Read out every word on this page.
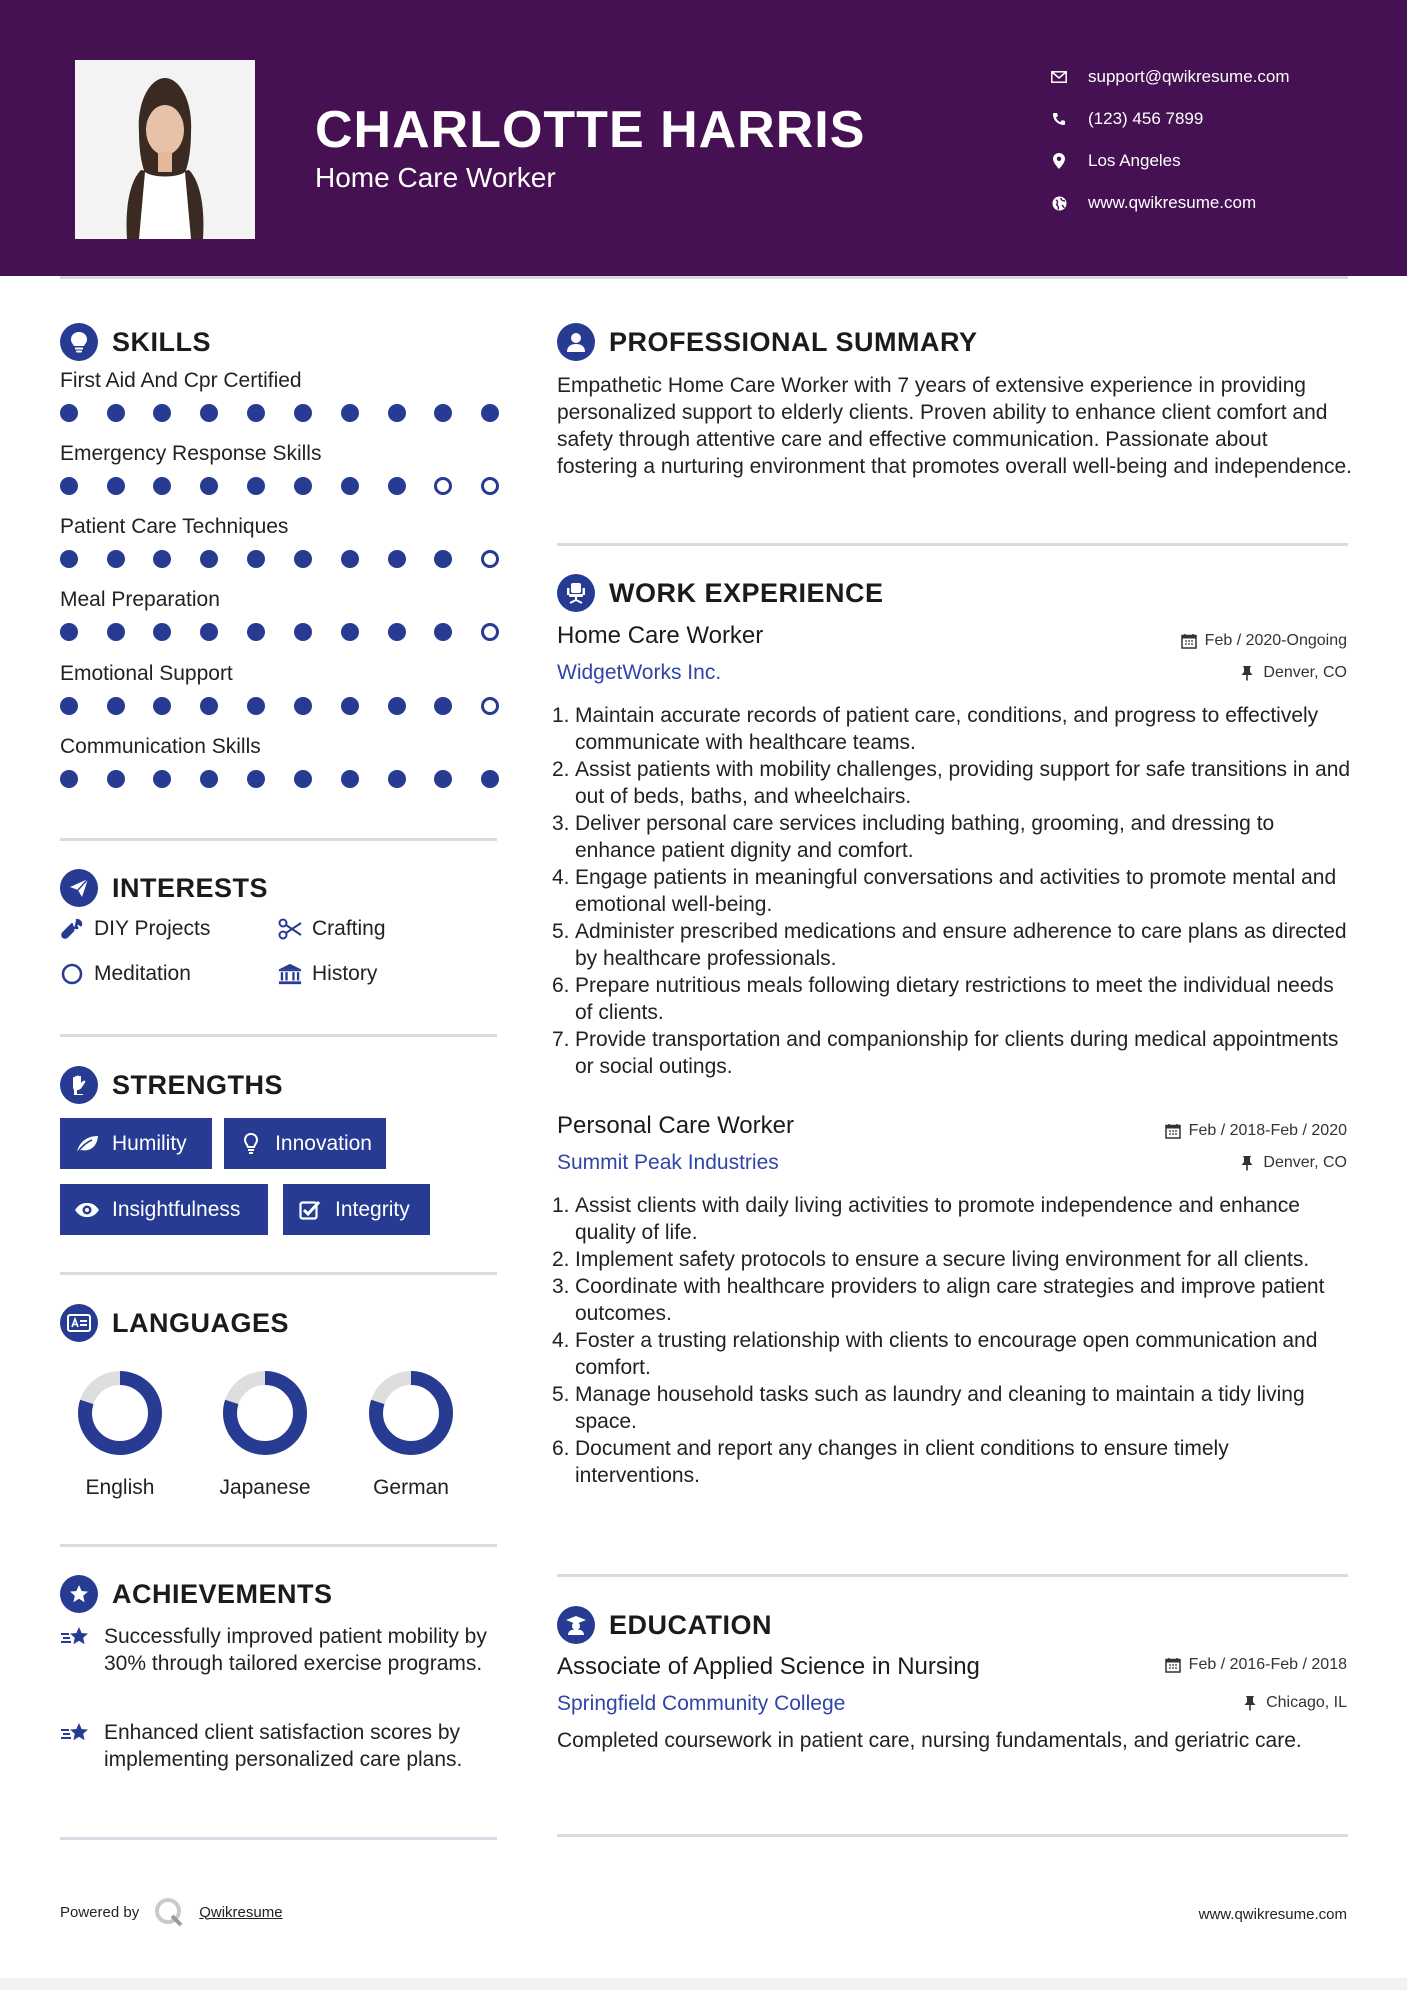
CHARLOTTE HARRIS
Home Care Worker
support@qwikresume.com
(123) 456 7899
Los Angeles
www.qwikresume.com
SKILLS
First Aid And Cpr Certified
Emergency Response Skills
Patient Care Techniques
Meal Preparation
Emotional Support
Communication Skills
INTERESTS
DIY Projects	Crafting
Meditation	History
STRENGTHS
Humility	Innovation
Insightfulness	Integrity
LANGUAGES
English	Japanese	German
ACHIEVEMENTS
Successfully improved patient mobility by 30% through tailored exercise programs.
Enhanced client satisfaction scores by implementing personalized care plans.
PROFESSIONAL SUMMARY
Empathetic Home Care Worker with 7 years of extensive experience in providing personalized support to elderly clients. Proven ability to enhance client comfort and safety through attentive care and effective communication. Passionate about fostering a nurturing environment that promotes overall well-being and independence.
WORK EXPERIENCE
Home Care Worker	Feb / 2020-Ongoing
WidgetWorks Inc.	Denver, CO
1. Maintain accurate records of patient care, conditions, and progress to effectively communicate with healthcare teams.
2. Assist patients with mobility challenges, providing support for safe transitions in and out of beds, baths, and wheelchairs.
3. Deliver personal care services including bathing, grooming, and dressing to enhance patient dignity and comfort.
4. Engage patients in meaningful conversations and activities to promote mental and emotional well-being.
5. Administer prescribed medications and ensure adherence to care plans as directed by healthcare professionals.
6. Prepare nutritious meals following dietary restrictions to meet the individual needs of clients.
7. Provide transportation and companionship for clients during medical appointments or social outings.
Personal Care Worker	Feb / 2018-Feb / 2020
Summit Peak Industries	Denver, CO
1. Assist clients with daily living activities to promote independence and enhance quality of life.
2. Implement safety protocols to ensure a secure living environment for all clients.
3. Coordinate with healthcare providers to align care strategies and improve patient outcomes.
4. Foster a trusting relationship with clients to encourage open communication and comfort.
5. Manage household tasks such as laundry and cleaning to maintain a tidy living space.
6. Document and report any changes in client conditions to ensure timely interventions.
EDUCATION
Associate of Applied Science in Nursing	Feb / 2016-Feb / 2018
Springfield Community College	Chicago, IL
Completed coursework in patient care, nursing fundamentals, and geriatric care.
Powered by	Qwikresume	www.qwikresume.com
